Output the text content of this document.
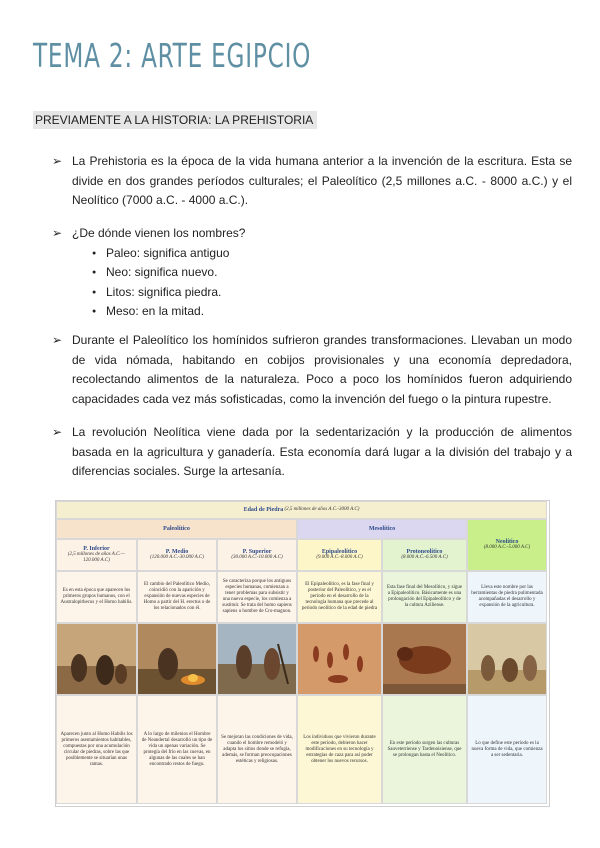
TEMA 2: ARTE EGIPCIO
PREVIAMENTE A LA HISTORIA: LA PREHISTORIA
➢ La Prehistoria es la época de la vida humana anterior a la invención de la escritura. Esta se divide en dos grandes períodos culturales; el Paleolítico (2,5 millones a.C. - 8000 a.C.) y el Neolítico (7000 a.C. - 4000 a.C.).
➢ ¿De dónde vienen los nombres?
● Paleo: significa antiguo
● Neo: significa nuevo.
● Litos: significa piedra.
● Meso: en la mitad.
➢ Durante el Paleolítico los homínidos sufrieron grandes transformaciones. Llevaban un modo de vida nómada, habitando en cobijos provisionales y una economía depredadora, recolectando alimentos de la naturaleza. Poco a poco los homínidos fueron adquiriendo capacidades cada vez más sofisticadas, como la invención del fuego o la pintura rupestre.
➢ La revolución Neolítica viene dada por la sedentarización y la producción de alimentos basada en la agricultura y ganadería. Esta economía dará lugar a la división del trabajo y a diferencias sociales. Surge la artesanía.
Edad de Piedra
(2,5 millones de años A.C.-3000 A.C)
Paleolítico	Mesolítico
Neolítico
(8.000 A.C.-5.000 A.C)
P. Inferior
(2,5 millones de años A.C.—120.000 A.C)
P. Medio
(120.000 A.C.-30.000 A.C)
P. Superior
(30.000 A.C.-10.000 A.C)
Epipaleolítico
(9.000 A.C.-8.000 A.C)
Protoneolítico
(8.000 A.C.-6.500 A.C)
Es en esta época que aparecen los primeros grupos humanos, con el Australopithecus y el Homo habilis.
El cambio del Paleolítico Medio, coincidió con la aparición y expansión de nuevas especies de Homo a partir del H. erectus o de los relacionados con él.
Se caracteriza porque los antiguos especies humanas, comienzan a tener problemas para subsistir y una nueva especie, los comienza a sustituir. Se trata del homo sapiens sapiens u hombre de Cro-magnon.
El Epipaleolítico, es la fase final y posterior del Paleolítico, y es el periodo en el desarrollo de la tecnología humana que precede al periodo neolítico de la edad de piedra
Esta fase final del Mesolítico, y sigue a Epipaleolítico. Básicamente es una prolongación del Epipaleolítico y de la cultura Aziliense.
Lleva este nombre por las herramientas de piedra pulimentada acompañadas el desarrollo y expansión de la agricultura.
Aparecen junto al Homo Habilis los primeros asentamientos habitables, compuestas por una acumulación circular de piedras, sobre las que posiblemente se situarían unas ramas.
A lo largo de milenios el Hombre de Neandertal desarrolló un tipo de vida un apenas variación. Se protegía del frío en las cuevas, en algunas de las cuales se han encontrado restos de fuego.
Se mejoran las condiciones de vida, cuando el hombre remodeló y adapta los sitios donde se refugia, además, se forman preocupaciones estéticas y religiosas.
Los individuos que vivieron durante este periodo, debieron hacer modificaciones en su tecnología y estrategias de caza para así poder obtener los nuevos recursos.
En este período surgen las culturas Sauveterriense y Tardenoisiense, que se prolongan hasta el Neolítico.
Lo que define este período es la nueva forma de vida, que comienza a ser sedentaria.
